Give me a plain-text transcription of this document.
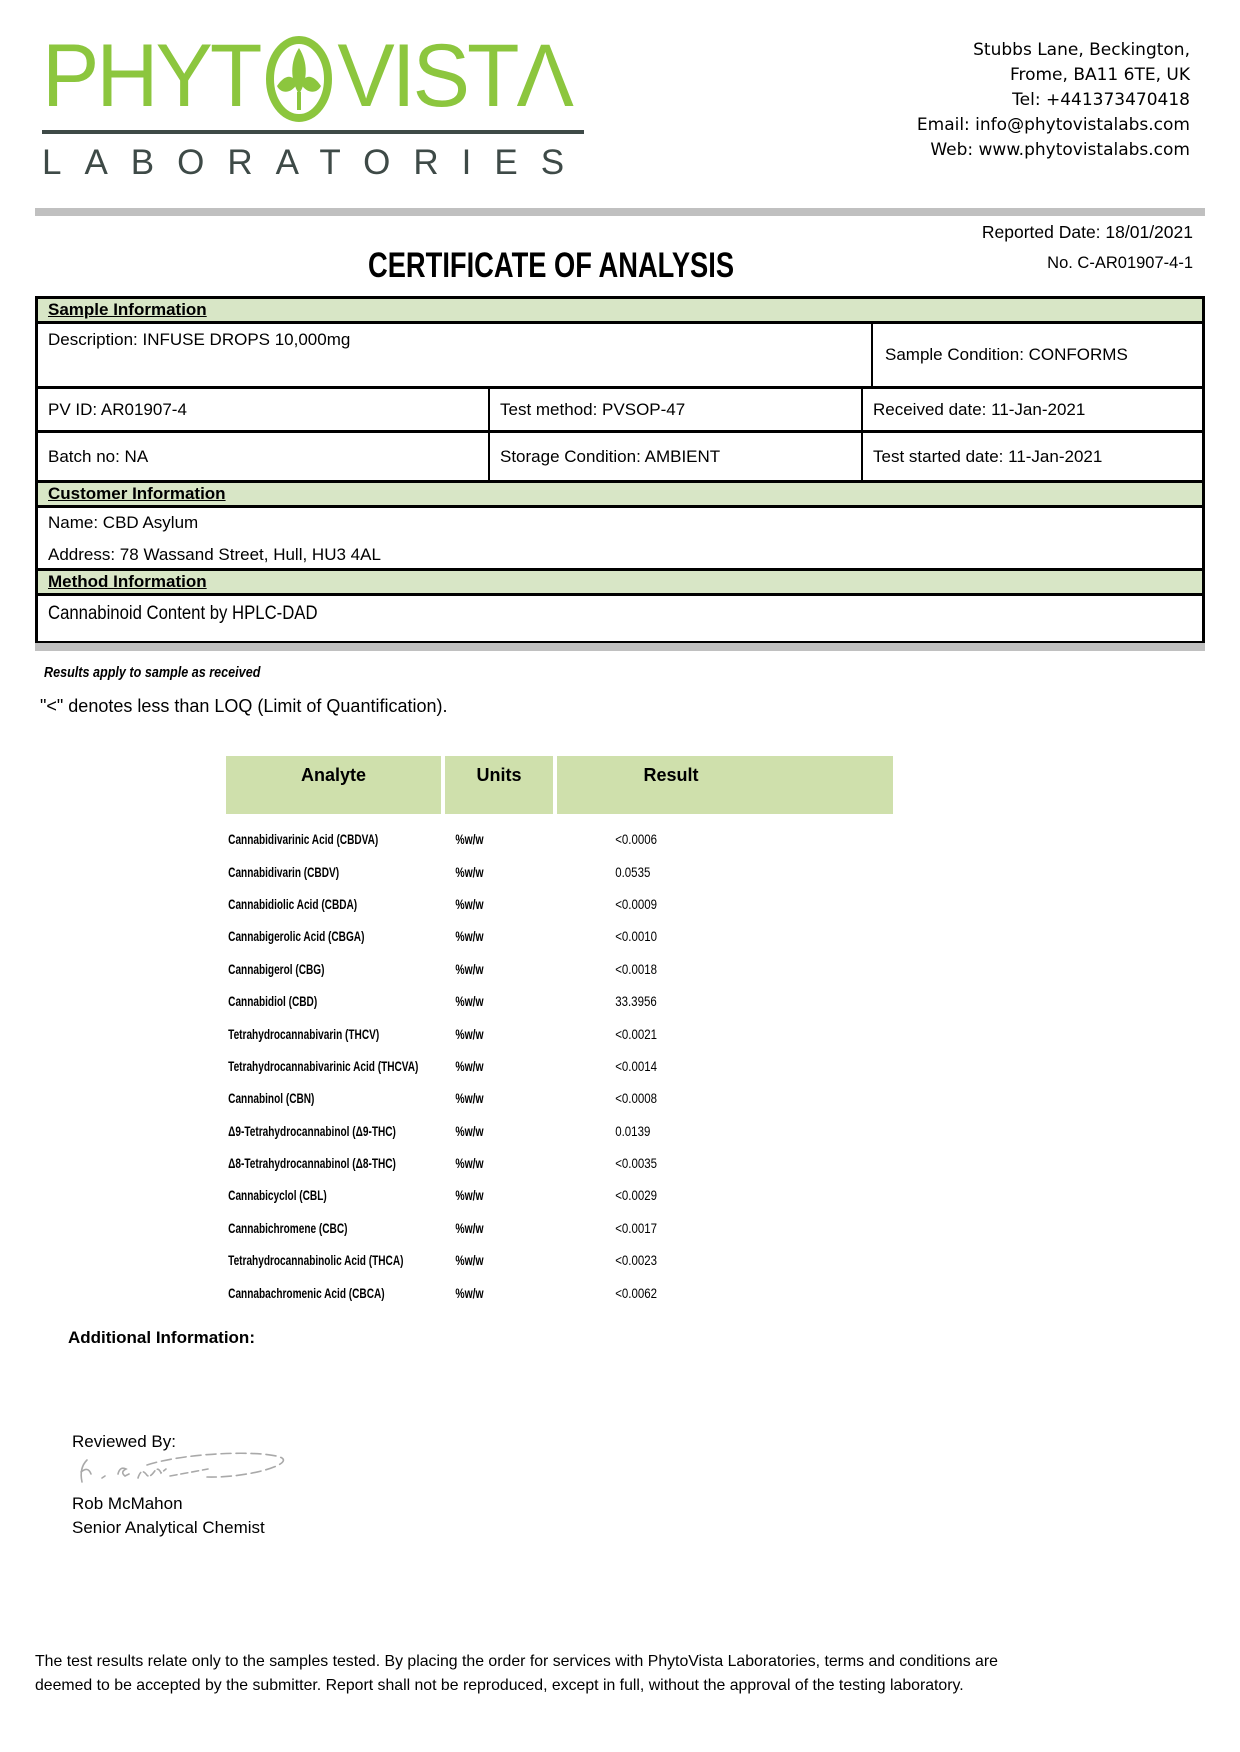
PHYT VIST Λ
LABORATORIES
Stubbs Lane, Beckington,
Frome, BA11 6TE, UK
Tel: +441373470418
Email: info@phytovistalabs.com
Web: www.phytovistalabs.com
CERTIFICATE OF ANALYSIS
Reported Date: 18/01/2021
No. C-AR01907-4-1
Sample Information
Description: INFUSE DROPS 10,000mg
Sample Condition: CONFORMS
PV ID: AR01907-4	Test method: PVSOP-47	Received date: 11-Jan-2021
Batch no: NA	Storage Condition: AMBIENT	Test started date: 11-Jan-2021
Customer Information
Name: CBD Asylum
Address: 78 Wassand Street, Hull, HU3 4AL
Method Information
Cannabinoid Content by HPLC-DAD
Results apply to sample as received
"<" denotes less than LOQ (Limit of Quantification).
Analyte	Units	Result
Cannabidivarinic Acid (CBDVA)	%w/w	<0.0006
Cannabidivarin (CBDV)	%w/w	0.0535
Cannabidiolic Acid (CBDA)	%w/w	<0.0009
Cannabigerolic Acid (CBGA)	%w/w	<0.0010
Cannabigerol (CBG)	%w/w	<0.0018
Cannabidiol (CBD)	%w/w	33.3956
Tetrahydrocannabivarin (THCV)	%w/w	<0.0021
Tetrahydrocannabivarinic Acid (THCVA)	%w/w	<0.0014
Cannabinol (CBN)	%w/w	<0.0008
Δ9-Tetrahydrocannabinol (Δ9-THC)	%w/w	0.0139
Δ8-Tetrahydrocannabinol (Δ8-THC)	%w/w	<0.0035
Cannabicyclol (CBL)	%w/w	<0.0029
Cannabichromene (CBC)	%w/w	<0.0017
Tetrahydrocannabinolic Acid (THCA)	%w/w	<0.0023
Cannabachromenic Acid (CBCA)	%w/w	<0.0062
Additional Information:
Reviewed By:
Rob McMahon
Senior Analytical Chemist
The test results relate only to the samples tested. By placing the order for services with PhytoVista Laboratories, terms and conditions are
deemed to be accepted by the submitter. Report shall not be reproduced, except in full, without the approval of the testing laboratory.
